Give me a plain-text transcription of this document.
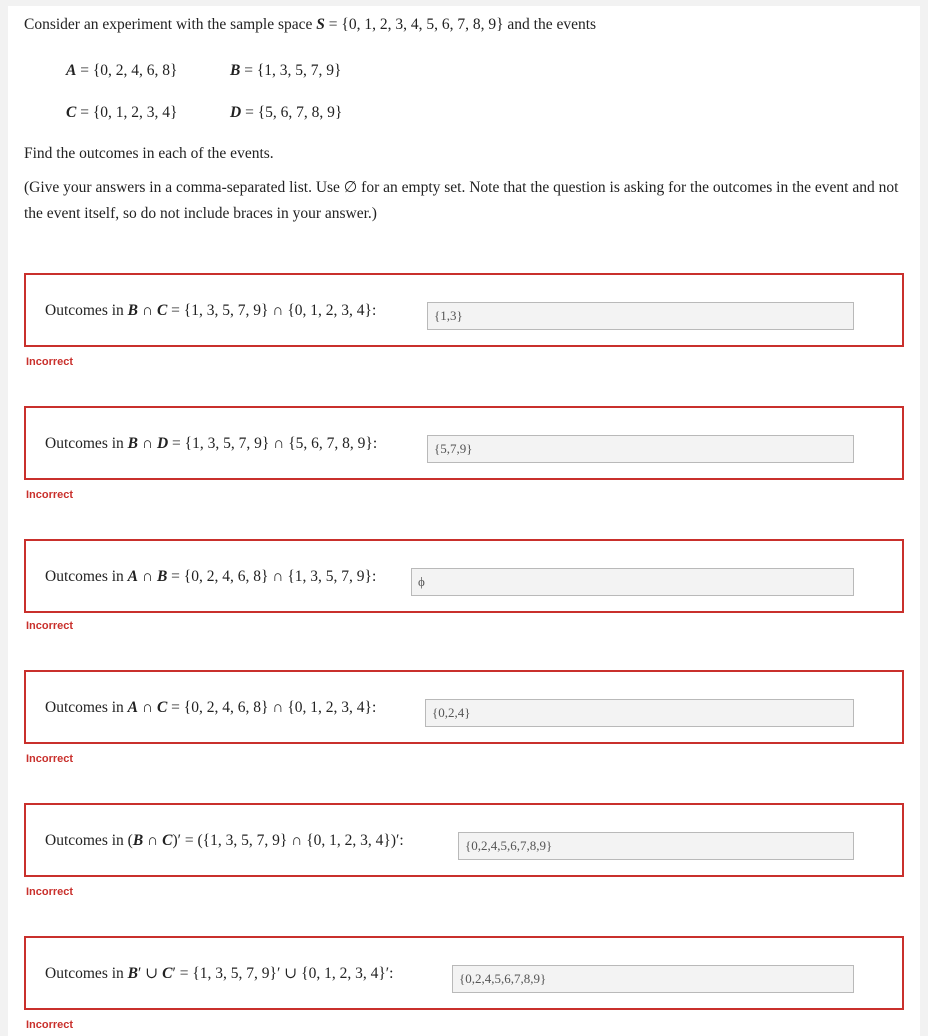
Consider an experiment with the sample space S = {0, 1, 2, 3, 4, 5, 6, 7, 8, 9} and the events
A = {0, 2, 4, 6, 8}	B = {1, 3, 5, 7, 9}
C = {0, 1, 2, 3, 4}	D = {5, 6, 7, 8, 9}
Find the outcomes in each of the events.
(Give your answers in a comma-separated list. Use ∅ for an empty set. Note that the question is asking for the outcomes in the event and not the event itself, so do not include braces in your answer.)
Outcomes in B ∩ C = {1, 3, 5, 7, 9} ∩ {0, 1, 2, 3, 4}:	{1,3}
Incorrect
Outcomes in B ∩ D = {1, 3, 5, 7, 9} ∩ {5, 6, 7, 8, 9}:	{5,7,9}
Incorrect
Outcomes in A ∩ B = {0, 2, 4, 6, 8} ∩ {1, 3, 5, 7, 9}:	ϕ
Incorrect
Outcomes in A ∩ C = {0, 2, 4, 6, 8} ∩ {0, 1, 2, 3, 4}:	{0,2,4}
Incorrect
Outcomes in (B ∩ C)′ = ({1, 3, 5, 7, 9} ∩ {0, 1, 2, 3, 4})′:	{0,2,4,5,6,7,8,9}
Incorrect
Outcomes in B′ ∪ C′ = {1, 3, 5, 7, 9}′ ∪ {0, 1, 2, 3, 4}′:	{0,2,4,5,6,7,8,9}
Incorrect
